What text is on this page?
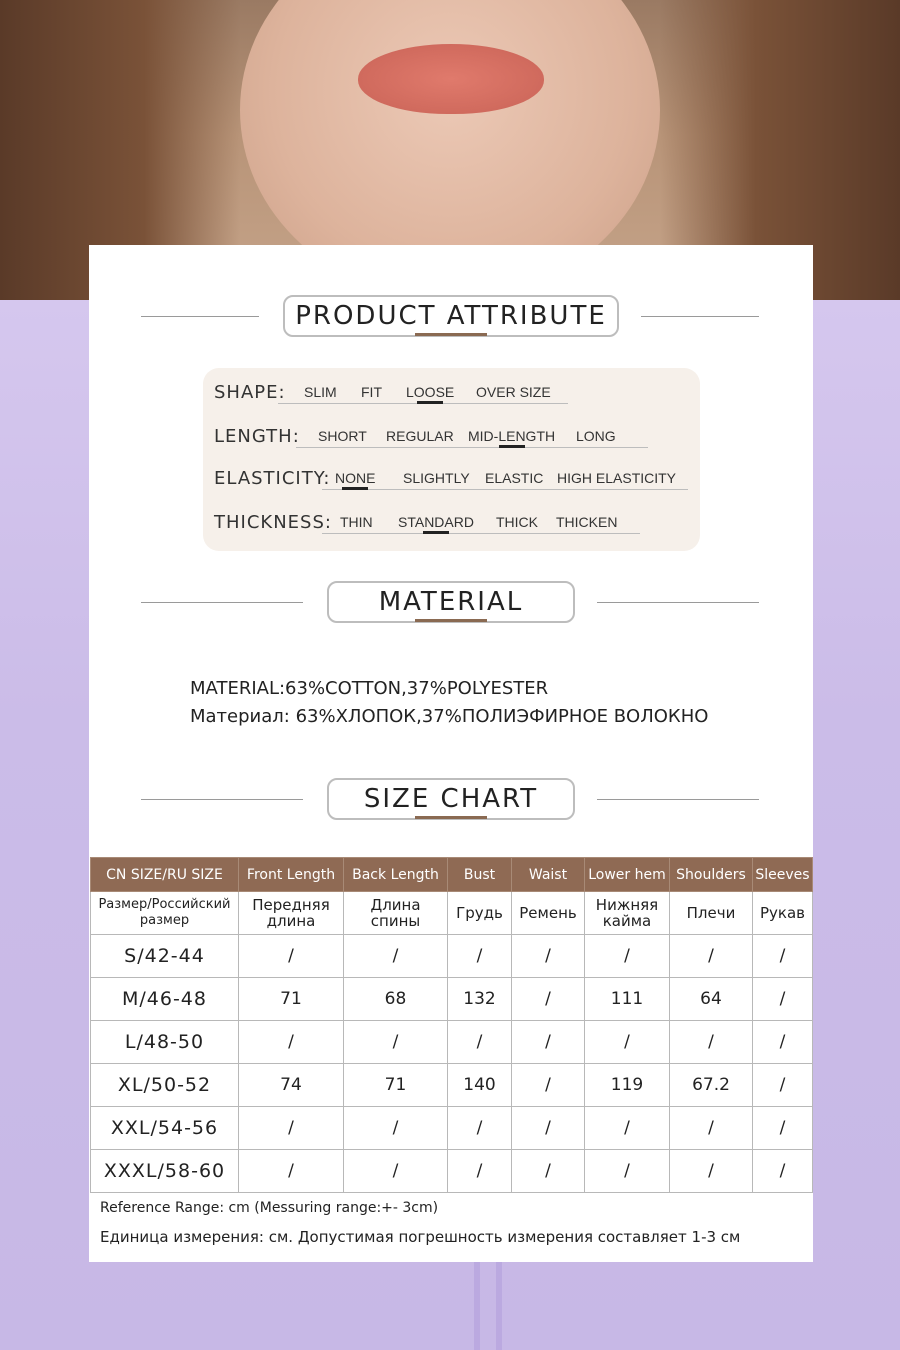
PRODUCT ATTRIBUTE
SHAPE: SLIM FIT LOOSE OVER SIZE
LENGTH: SHORT REGULAR MID-LENGTH LONG
ELASTICITY: NONE SLIGHTLY ELASTIC HIGH ELASTICITY
THICKNESS: THIN STANDARD THICK THICKEN
MATERIAL
MATERIAL:63%COTTON,37%POLYESTER
Материал: 63%ХЛОПОК,37%ПОЛИЭФИРНОЕ ВОЛОКНО
SIZE CHART
CN SIZE/RU SIZE	Front Length	Back Length	Bust	Waist	Lower hem	Shoulders	Sleeves
Размер/Российский размер	Передняя длина	Длина спины	Грудь	Ремень	Нижняя кайма	Плечи	Рукав
S/42-44	/	/	/	/	/	/	/
M/46-48	71	68	132	/	111	64	/
L/48-50	/	/	/	/	/	/	/
XL/50-52	74	71	140	/	119	67.2	/
XXL/54-56	/	/	/	/	/	/	/
XXXL/58-60	/	/	/	/	/	/	/
Reference Range: cm (Messuring range:+- 3cm)
Единица измерения: см. Допустимая погрешность измерения составляет 1-3 см
